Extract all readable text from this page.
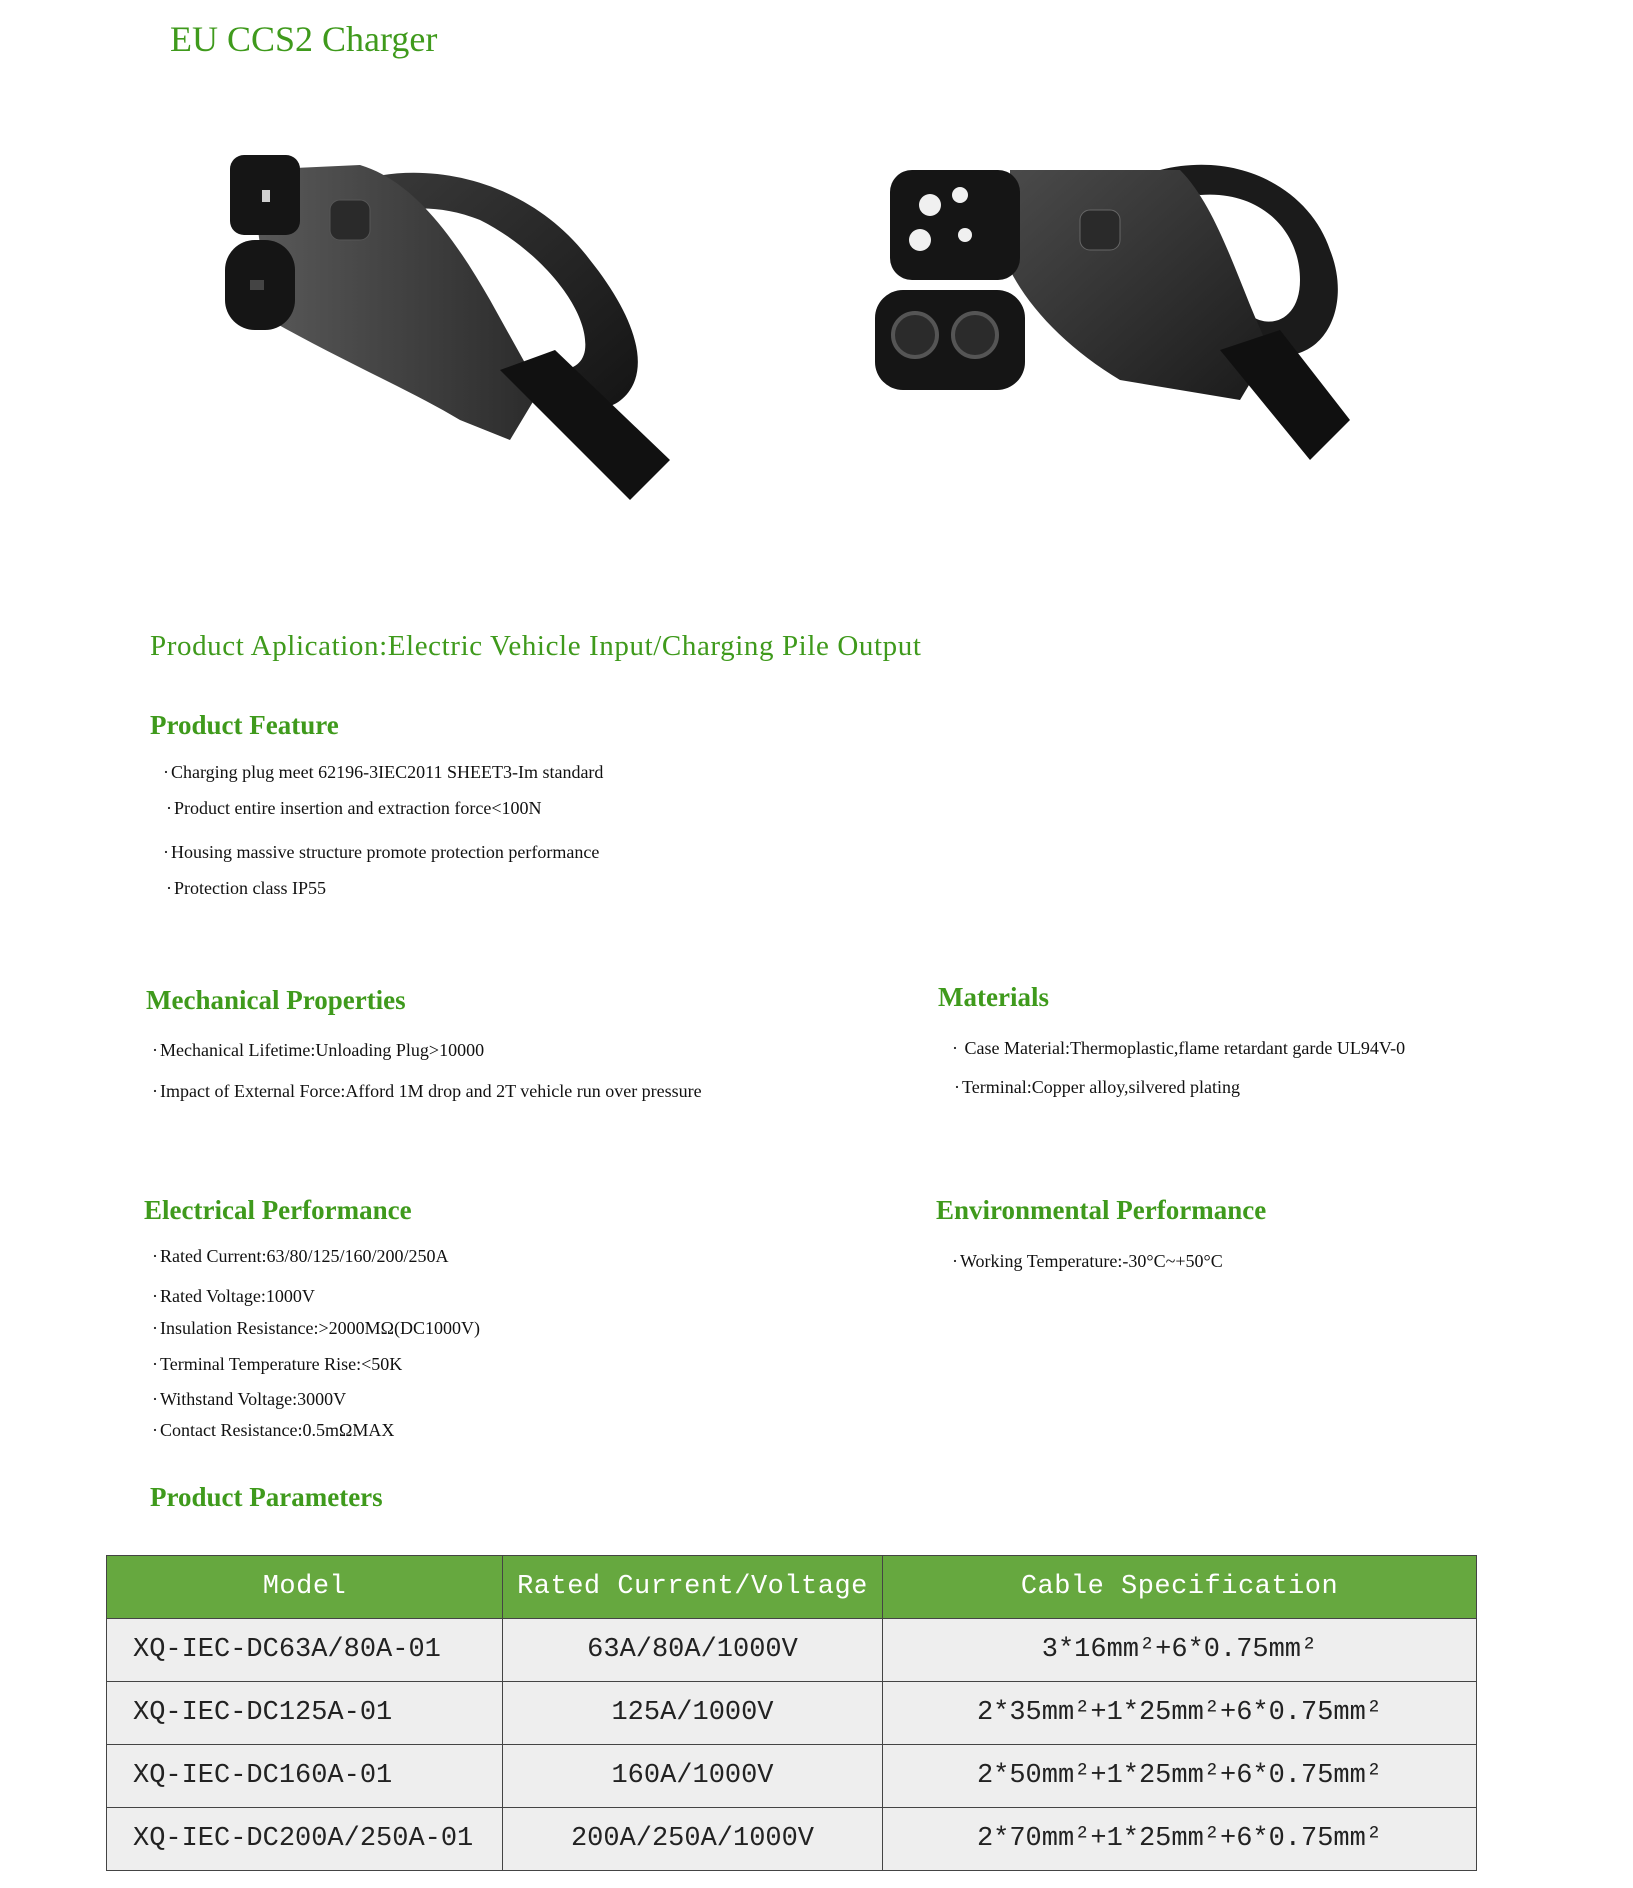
EU CCS2 Charger
Product Aplication:Electric Vehicle Input/Charging Pile Output
Product Feature
· Charging plug meet 62196-3IEC2011 SHEET3-Im standard
· Product entire insertion and extraction force<100N
· Housing massive structure promote protection performance
· Protection class IP55
Mechanical Properties
· Mechanical Lifetime:Unloading Plug>10000
· Impact of External Force:Afford 1M drop and 2T vehicle run over pressure
Materials
· Case Material:Thermoplastic,flame retardant garde UL94V-0
· Terminal:Copper alloy,silvered plating
Electrical Performance
· Rated Current:63/80/125/160/200/250A
· Rated Voltage:1000V
· Insulation Resistance:>2000MΩ(DC1000V)
· Terminal Temperature Rise:<50K
· Withstand Voltage:3000V
· Contact Resistance:0.5mΩMAX
Environmental Performance
· Working Temperature:-30°C~+50°C
Product Parameters
Model	Rated Current/Voltage	Cable Specification
XQ-IEC-DC63A/80A-01	63A/80A/1000V	3*16mm²+6*0.75mm²
XQ-IEC-DC125A-01	125A/1000V	2*35mm²+1*25mm²+6*0.75mm²
XQ-IEC-DC160A-01	160A/1000V	2*50mm²+1*25mm²+6*0.75mm²
XQ-IEC-DC200A/250A-01	200A/250A/1000V	2*70mm²+1*25mm²+6*0.75mm²
